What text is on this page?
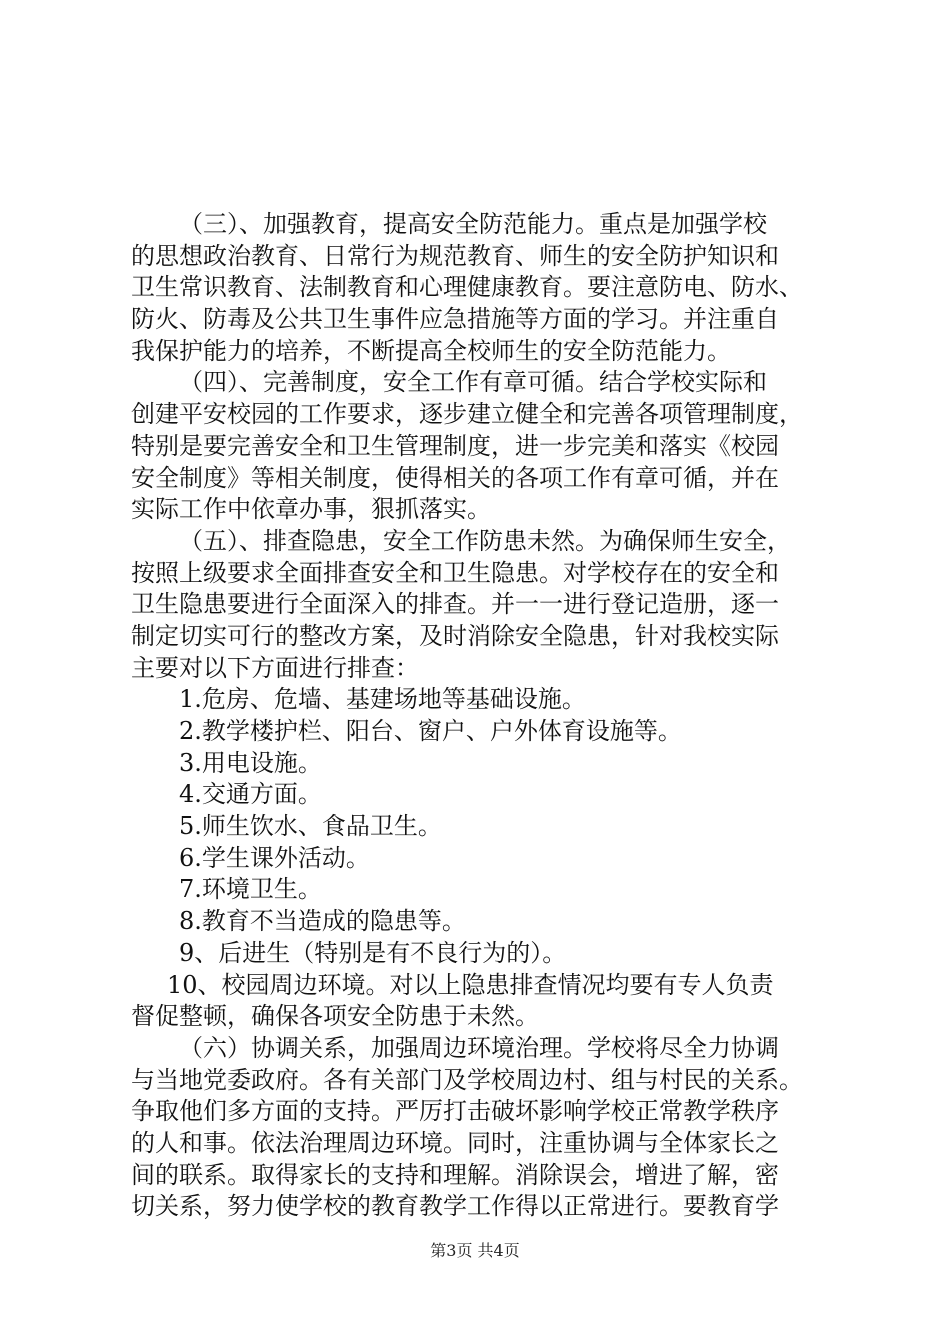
（三）、加强教育，提高安全防范能力。重点是加强学校
的思想政治教育、日常行为规范教育、师生的安全防护知识和
卫生常识教育、法制教育和心理健康教育。要注意防电、防水、
防火、防毒及公共卫生事件应急措施等方面的学习。并注重自
我保护能力的培养，不断提高全校师生的安全防范能力。
（四）、完善制度，安全工作有章可循。结合学校实际和
创建平安校园的工作要求，逐步建立健全和完善各项管理制度，
特别是要完善安全和卫生管理制度，进一步完美和落实《校园
安全制度》等相关制度，使得相关的各项工作有章可循，并在
实际工作中依章办事，狠抓落实。
（五）、排查隐患，安全工作防患未然。为确保师生安全，
按照上级要求全面排查安全和卫生隐患。对学校存在的安全和
卫生隐患要进行全面深入的排查。并一一进行登记造册，逐一
制定切实可行的整改方案，及时消除安全隐患，针对我校实际
主要对以下方面进行排查：
1.危房、危墙、基建场地等基础设施。
2.教学楼护栏、阳台、窗户、户外体育设施等。
3.用电设施。
4.交通方面。
5.师生饮水、食品卫生。
6.学生课外活动。
7.环境卫生。
8.教育不当造成的隐患等。
9、后进生（特别是有不良行为的）。
10、校园周边环境。对以上隐患排查情况均要有专人负责
督促整顿，确保各项安全防患于未然。
（六）协调关系，加强周边环境治理。学校将尽全力协调
与当地党委政府。各有关部门及学校周边村、组与村民的关系。
争取他们多方面的支持。严厉打击破坏影响学校正常教学秩序
的人和事。依法治理周边环境。同时，注重协调与全体家长之
间的联系。取得家长的支持和理解。消除误会，增进了解，密
切关系，努力使学校的教育教学工作得以正常进行。要教育学
第3页 共4页
